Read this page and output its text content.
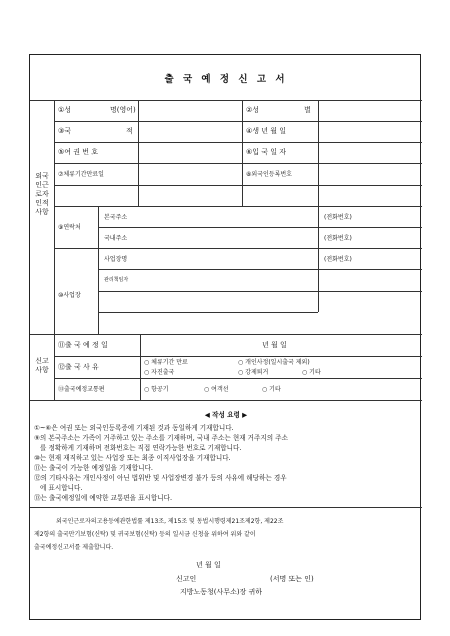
출 국 예 정 신 고 서
외국
인근
로자
인적
사항
①성	명(영어)	②성	별
③국	적	④생 년 월 일
⑤여 권 번 호	⑥입 국 일 자
⑦체류기간만료일	⑧외국인등록번호
⑨연락처
본국주소	(전화번호)
국내주소	(전화번호)
⑩사업장
사업장명	(전화번호)
관리책임자
신고
사항
⑪출 국 예 정 일	년 월 일
⑫출 국 사 유
○ 체류기간 만료	○ 개인사정(일시출국 제외)
○ 자진출국	○ 강제퇴거	○ 기타
⑬출국예정교통편	○ 항공기	○ 여객선	○ 기타
◀ 작성 요령 ▶
①~⑥은 여권 또는 외국인등록증에 기재된 것과 동일하게 기재합니다.
⑨의 본국주소는 가족이 거주하고 있는 주소를 기재하며, 국내 주소는 현재 거주지의 주소
를 정확하게 기재하며 전화번호는 직접 연락가능한 번호로 기재합니다.
⑩는 현재 재직하고 있는 사업장 또는 최종 이직사업장을 기재합니다.
⑪는 출국이 가능한 예정일을 기재합니다.
⑫의 기타사유는 개인사정이 아닌 법위반 및 사업장변경 불가 등의 사유에 해당하는 경우
에 표시합니다.
⑬는 출국예정일에 예약한 교통편을 표시합니다.
외국인근로자의고용등에관한법률 제13조, 제15조 및 동법시행령제21조제2항, 제22조
제2항의 출국만기보험(신탁) 및 귀국보험(신탁) 등의 일시금 신청을 위하여 위와 같이
출국예정신고서를 제출합니다.
년 월 일
신고인	(서명 또는 인)
지방노동청(사무소)장 귀하
